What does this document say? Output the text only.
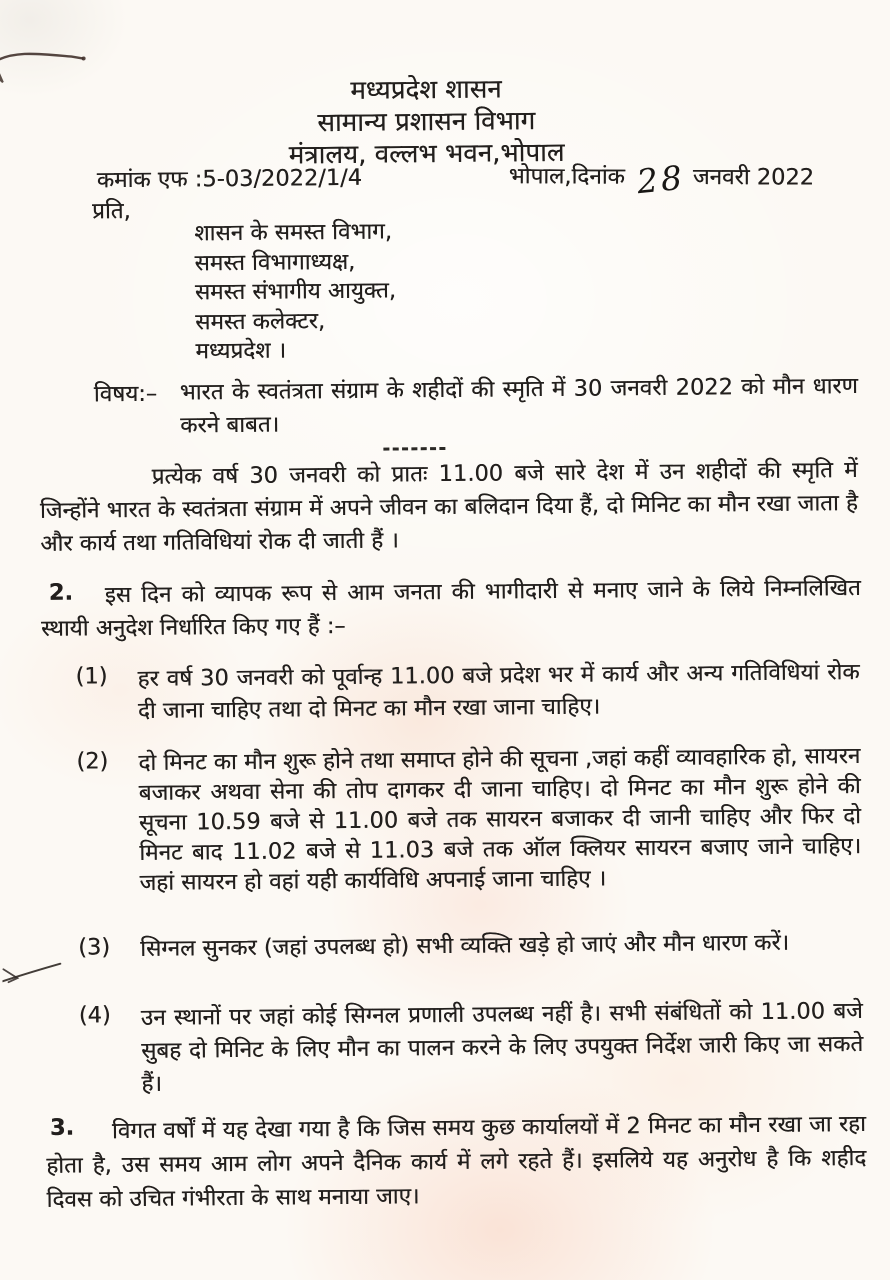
मध्यप्रदेश शासन
सामान्य प्रशासन विभाग
मंत्रालय, वल्लभ भवन,भोपाल
कमांक एफ :5-03/2022/1/4	भोपाल,दिनांक 28 जनवरी 2022
प्रति,
शासन के समस्त विभाग,
समस्त विभागाध्यक्ष,
समस्त संभागीय आयुक्त,
समस्त कलेक्टर,
मध्यप्रदेश ।
विषय:– भारत के स्वतंत्रता संग्राम के शहीदों की स्मृति में 30 जनवरी 2022 को मौन धारण करने बाबत।

प्रत्येक वर्ष 30 जनवरी को प्रातः 11.00 बजे सारे देश में उन शहीदों की स्मृति में जिन्होंने भारत के स्वतंत्रता संग्राम में अपने जीवन का बलिदान दिया हैं, दो मिनिट का मौन रखा जाता है और कार्य तथा गतिविधियां रोक दी जाती हैं ।

2.	इस दिन को व्यापक रूप से आम जनता की भागीदारी से मनाए जाने के लिये निम्नलिखित स्थायी अनुदेश निर्धारित किए गए हैं :–

(1) हर वर्ष 30 जनवरी को पूर्वान्ह 11.00 बजे प्रदेश भर में कार्य और अन्य गतिविधियां रोक दी जाना चाहिए तथा दो मिनट का मौन रखा जाना चाहिए।

(2) दो मिनट का मौन शुरू होने तथा समाप्त होने की सूचना ,जहां कहीं व्यावहारिक हो, सायरन बजाकर अथवा सेना की तोप दागकर दी जाना चाहिए। दो मिनट का मौन शुरू होने की सूचना 10.59 बजे से 11.00 बजे तक सायरन बजाकर दी जानी चाहिए और फिर दो मिनट बाद 11.02 बजे से 11.03 बजे तक ऑल क्लियर सायरन बजाए जाने चाहिए। जहां सायरन हो वहां यही कार्यविधि अपनाई जाना चाहिए ।

(3) सिग्नल सुनकर (जहां उपलब्ध हो) सभी व्यक्ति खड़े हो जाएं और मौन धारण करें।

(4) उन स्थानों पर जहां कोई सिग्नल प्रणाली उपलब्ध नहीं है। सभी संबंधितों को 11.00 बजे सुबह दो मिनिट के लिए मौन का पालन करने के लिए उपयुक्त निर्देश जारी किए जा सकते हैं।

3.	विगत वर्षों में यह देखा गया है कि जिस समय कुछ कार्यालयों में 2 मिनट का मौन रखा जा रहा होता है, उस समय आम लोग अपने दैनिक कार्य में लगे रहते हैं। इसलिये यह अनुरोध है कि शहीद दिवस को उचित गंभीरता के साथ मनाया जाए।
